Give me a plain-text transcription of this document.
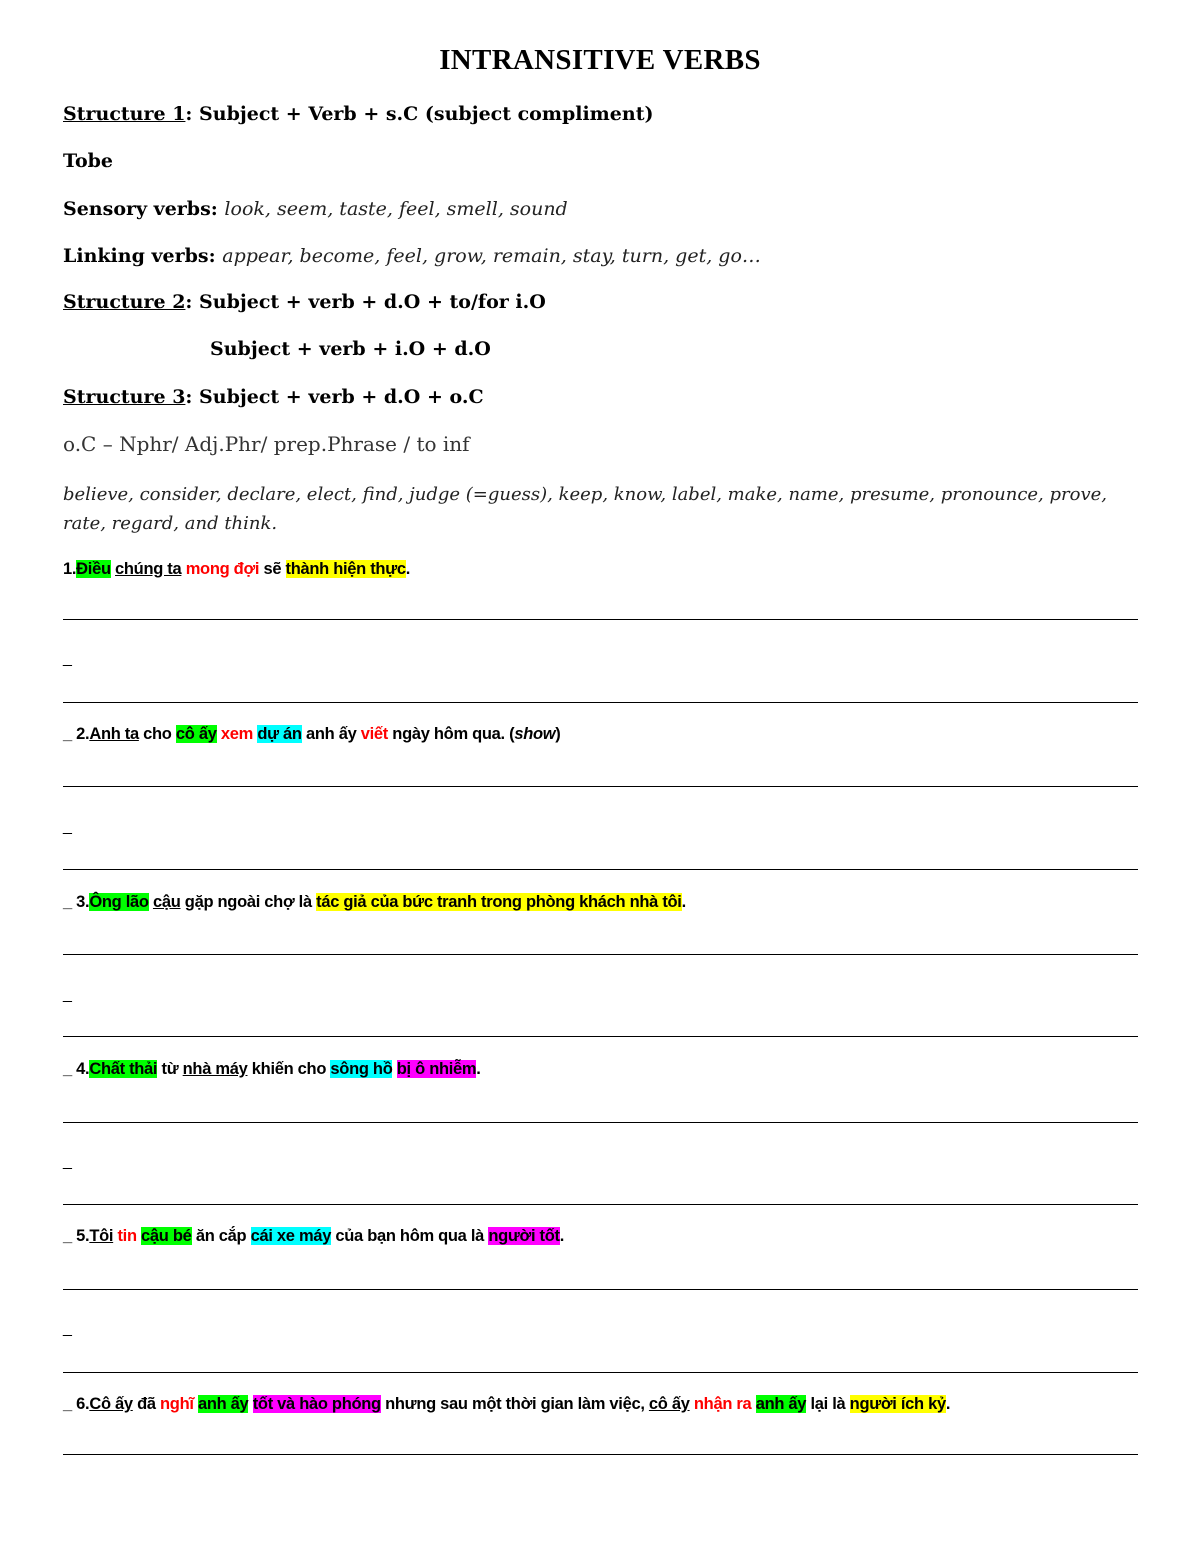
INTRANSITIVE VERBS
Structure 1: Subject + Verb + s.C (subject compliment)
Tobe
Sensory verbs: look, seem, taste, feel, smell, sound
Linking verbs: appear, become, feel, grow, remain, stay, turn, get, go…
Structure 2: Subject + verb + d.O + to/for i.O
Subject + verb + i.O + d.O
Structure 3: Subject + verb + d.O + o.C
o.C – Nphr/ Adj.Phr/ prep.Phrase / to inf
believe, consider, declare, elect, find, judge (=guess), keep, know, label, make, name, presume, pronounce, prove, rate, regard, and think.
1.Điều chúng ta mong đợi sẽ thành hiện thực.
_
_ 2.Anh ta cho cô ấy xem dự án anh ấy viết ngày hôm qua. (show)
_
_ 3.Ông lão cậu gặp ngoài chợ là tác giả của bức tranh trong phòng khách nhà tôi.
_
_ 4.Chất thải từ nhà máy khiến cho sông hồ bị ô nhiễm.
_
_ 5.Tôi tin cậu bé ăn cắp cái xe máy của bạn hôm qua là người tốt.
_
_ 6.Cô ấy đã nghĩ anh ấy tốt và hào phóng nhưng sau một thời gian làm việc, cô ấy nhận ra anh ấy lại là người ích kỷ.
